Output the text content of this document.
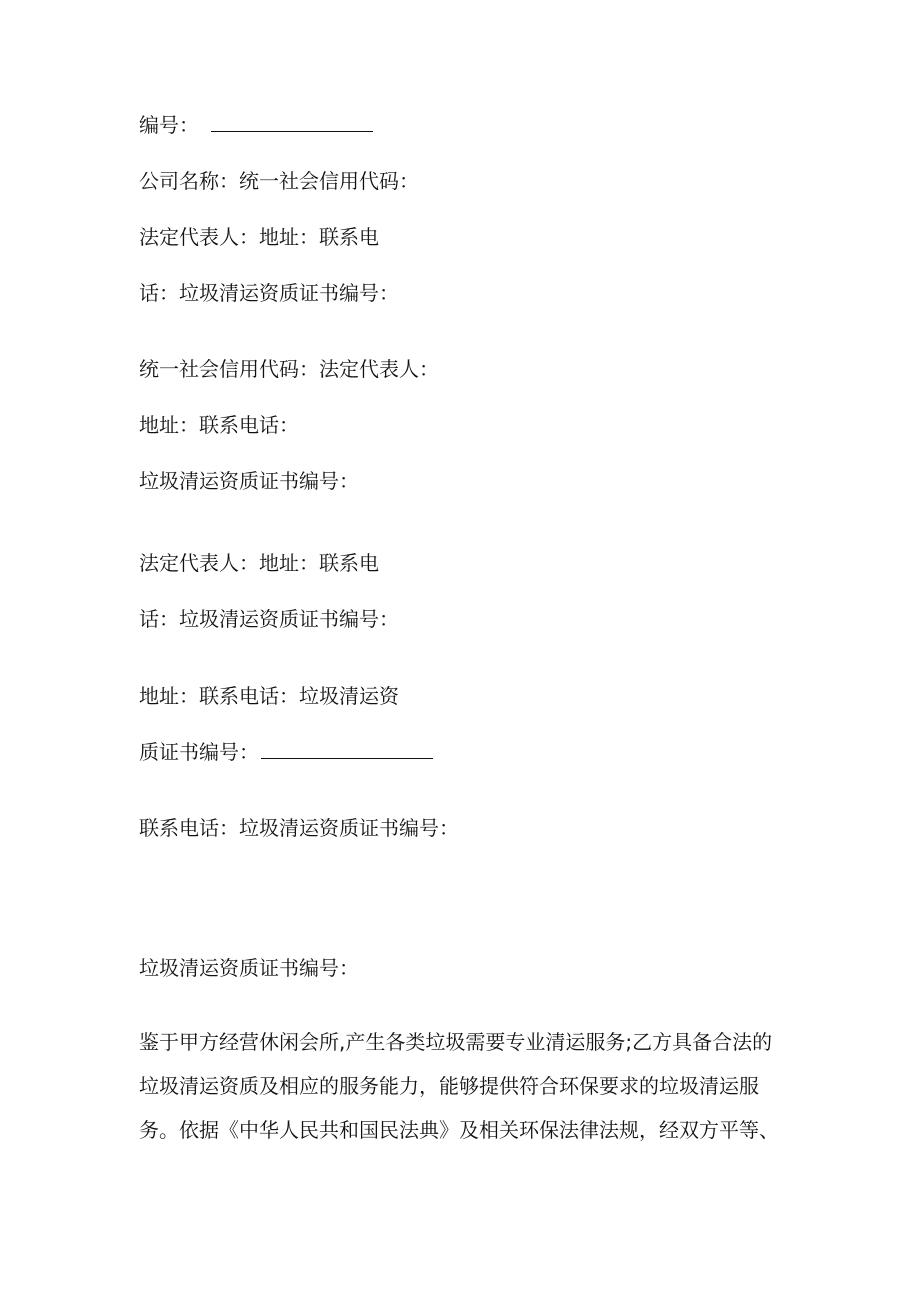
编号：
公司名称：统一社会信用代码：
法定代表人：地址：联系电
话：垃圾清运资质证书编号：
统一社会信用代码：法定代表人：
地址：联系电话：
垃圾清运资质证书编号：
法定代表人：地址：联系电
话：垃圾清运资质证书编号：
地址：联系电话：垃圾清运资
质证书编号：
联系电话：垃圾清运资质证书编号：
垃圾清运资质证书编号：
鉴于甲方经营休闲会所,产生各类垃圾需要专业清运服务;乙方具备合法的
垃圾清运资质及相应的服务能力，能够提供符合环保要求的垃圾清运服
务。依据《中华人民共和国民法典》及相关环保法律法规，经双方平等、
